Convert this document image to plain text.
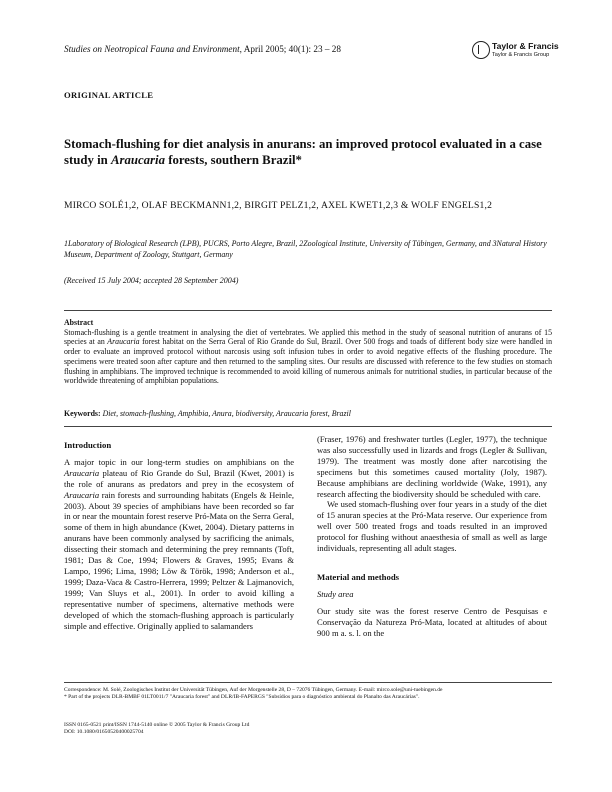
Studies on Neotropical Fauna and Environment, April 2005; 40(1): 23 – 28	Taylor & Francis
Taylor & Francis Group
ORIGINAL ARTICLE
Stomach-flushing for diet analysis in anurans: an improved protocol evaluated in a case study in Araucaria forests, southern Brazil*
MIRCO SOLÉ1,2, OLAF BECKMANN1,2, BIRGIT PELZ1,2, AXEL KWET1,2,3 & WOLF ENGELS1,2
1Laboratory of Biological Research (LPB), PUCRS, Porto Alegre, Brazil, 2Zoological Institute, University of Tübingen, Germany, and 3Natural History Museum, Department of Zoology, Stuttgart, Germany
(Received 15 July 2004; accepted 28 September 2004)
Abstract
Stomach-flushing is a gentle treatment in analysing the diet of vertebrates. We applied this method in the study of seasonal nutrition of anurans of 15 species at an Araucaria forest habitat on the Serra Geral of Rio Grande do Sul, Brazil. Over 500 frogs and toads of different body size were handled in order to evaluate an improved protocol without narcosis using soft infusion tubes in order to avoid negative effects of the flushing procedure. The specimens were treated soon after capture and then returned to the sampling sites. Our results are discussed with reference to the few studies on stomach flushing in amphibians. The improved technique is recommended to avoid killing of numerous animals for nutritional studies, in particular because of the worldwide threatening of amphibian populations.
Keywords: Diet, stomach-flushing, Amphibia, Anura, biodiversity, Araucaria forest, Brazil
Introduction

A major topic in our long-term studies on amphibians on the Araucaria plateau of Rio Grande do Sul, Brazil (Kwet, 2001) is the role of anurans as predators and prey in the ecosystem of Araucaria rain forests and surrounding habitats (Engels & Heinle, 2003). About 39 species of amphibians have been recorded so far in or near the mountain forest reserve Pró-Mata on the Serra Geral, some of them in high abundance (Kwet, 2004). Dietary patterns in anurans have been commonly analysed by sacrificing the animals, dissecting their stomach and determining the prey remnants (Toft, 1981; Das & Coe, 1994; Flowers & Graves, 1995; Evans & Lampo, 1996; Lima, 1998; Löw & Török, 1998; Anderson et al., 1999; Daza-Vaca & Castro-Herrera, 1999; Peltzer & Lajmanovich, 1999; Van Sluys et al., 2001). In order to avoid killing a representative number of specimens, alternative methods were developed of which the stomach-flushing approach is particularly simple and effective. Originally applied to salamanders

(Fraser, 1976) and freshwater turtles (Legler, 1977), the technique was also successfully used in lizards and frogs (Legler & Sullivan, 1979). The treatment was mostly done after narcotising the specimens but this sometimes caused mortality (Joly, 1987). Because amphibians are declining worldwide (Wake, 1991), any research affecting the biodiversity should be scheduled with care.

We used stomach-flushing over four years in a study of the diet of 15 anuran species at the Pró-Mata reserve. Our experience from well over 500 treated frogs and toads resulted in an improved protocol for flushing without anaesthesia of small as well as large individuals, representing all adult stages.

Material and methods
Study area

Our study site was the forest reserve Centro de Pesquisas e Conservação da Natureza Pró-Mata, located at altitudes of about 900 m a. s. l. on the

Correspondence: M. Solé, Zoologisches Institut der Universität Tübingen, Auf der Morgenstelle 28, D – 72076 Tübingen, Germany. E-mail: mirco.sole@uni-tuebingen.de
* Part of the projects DLR-BMBF 01LT0011/7 "Araucaria forest" and DLR/IB-FAPERGS "Subsídios para o diagnóstico ambiental do Planalto das Araucárias".
ISSN 0165-0521 print/ISSN 1744-5140 online © 2005 Taylor & Francis Group Ltd
DOI: 10.1080/01650520400025704
